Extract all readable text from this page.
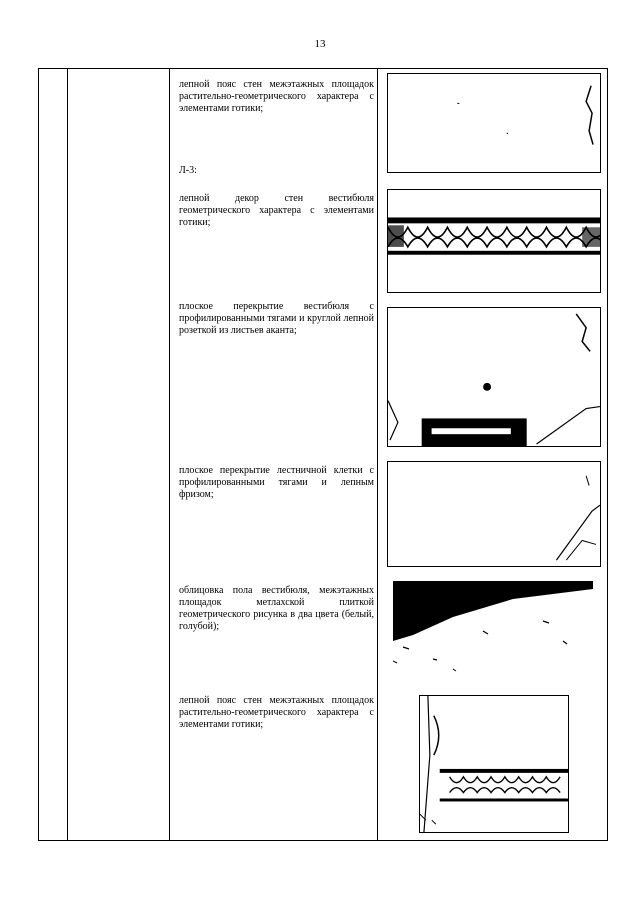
13
лепной пояс стен межэтажных площадок растительно-геометрического характера с элементами готики;
Л-3:
лепной декор стен вестибюля геометрического характера с элементами готики;
плоское перекрытие вестибюля с профилированными тягами и круглой лепной розеткой из листьев аканта;
плоское перекрытие лестничной клетки с профилированными тягами и лепным фризом;
облицовка пола вестибюля, межэтажных площадок метлахской плиткой геометрического рисунка в два цвета (белый, голубой);
лепной пояс стен межэтажных площадок растительно-геометрического характера с элементами готики;
